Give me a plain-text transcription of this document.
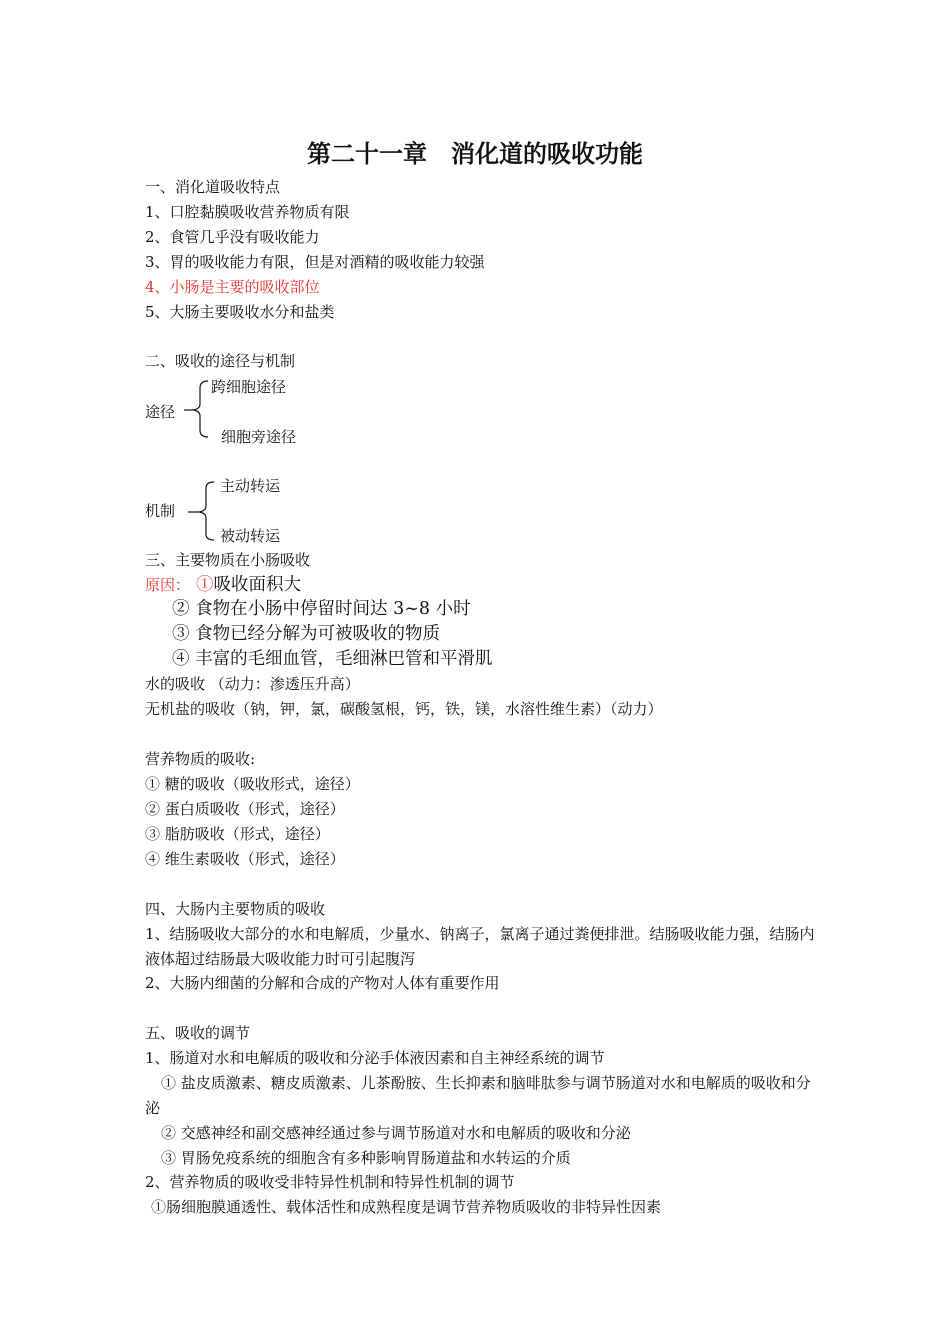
第二十一章　消化道的吸收功能
一、消化道吸收特点
1、口腔黏膜吸收营养物质有限
2、食管几乎没有吸收能力
3、胃的吸收能力有限，但是对酒精的吸收能力较强
4、小肠是主要的吸收部位
5、大肠主要吸收水分和盐类
二、吸收的途径与机制
途径
跨细胞途径
细胞旁途径
机制
主动转运
被动转运
三、主要物质在小肠吸收
原因： ①吸收面积大
② 食物在小肠中停留时间达 3~8 小时
③ 食物已经分解为可被吸收的物质
④ 丰富的毛细血管，毛细淋巴管和平滑肌
水的吸收 （动力：渗透压升高）
无机盐的吸收（钠，钾，氯，碳酸氢根，钙，铁，镁，水溶性维生素）（动力）
营养物质的吸收:
① 糖的吸收（吸收形式，途径）
② 蛋白质吸收（形式，途径）
③ 脂肪吸收（形式，途径）
④ 维生素吸收（形式，途径）
四、大肠内主要物质的吸收
1、结肠吸收大部分的水和电解质，少量水、钠离子，氯离子通过粪便排泄。结肠吸收能力强，结肠内液体超过结肠最大吸收能力时可引起腹泻
2、大肠内细菌的分解和合成的产物对人体有重要作用
五、吸收的调节
1、肠道对水和电解质的吸收和分泌手体液因素和自主神经系统的调节
① 盐皮质激素、糖皮质激素、儿茶酚胺、生长抑素和脑啡肽参与调节肠道对水和电解质的吸收和分泌
② 交感神经和副交感神经通过参与调节肠道对水和电解质的吸收和分泌
③ 胃肠免疫系统的细胞含有多种影响胃肠道盐和水转运的介质
2、营养物质的吸收受非特异性机制和特异性机制的调节
①肠细胞膜通透性、载体活性和成熟程度是调节营养物质吸收的非特异性因素
